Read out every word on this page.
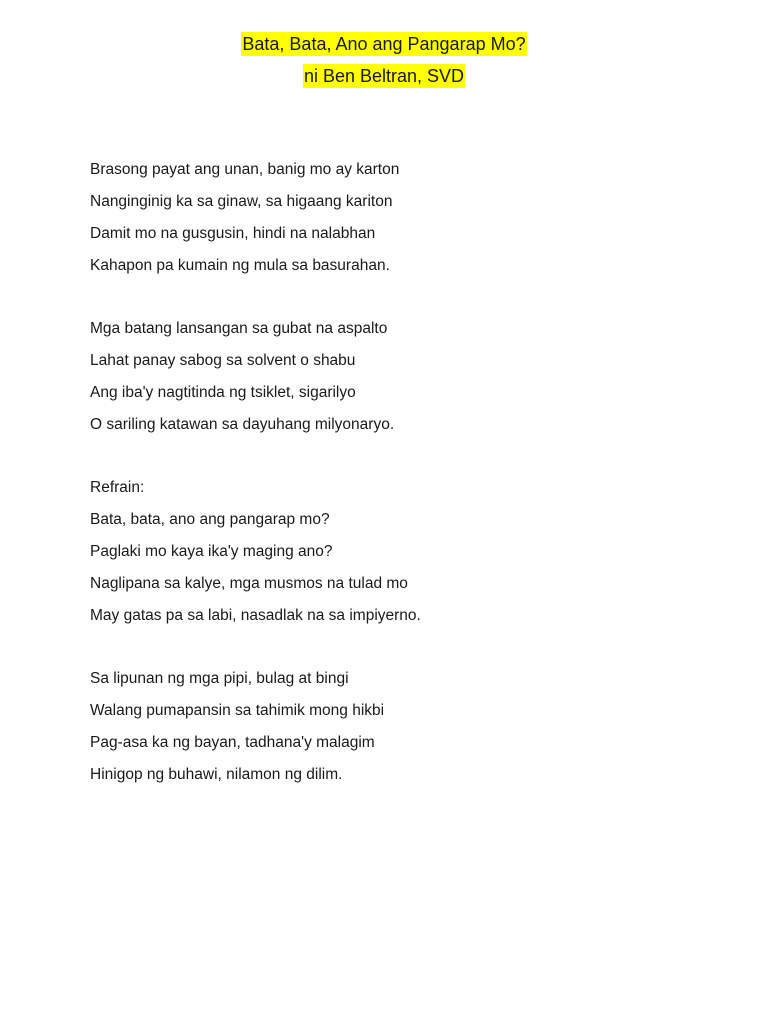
Bata, Bata, Ano ang Pangarap Mo?
ni Ben Beltran, SVD
Brasong payat ang unan, banig mo ay karton
Nanginginig ka sa ginaw, sa higaang kariton
Damit mo na gusgusin, hindi na nalabhan
Kahapon pa kumain ng mula sa basurahan.
Mga batang lansangan sa gubat na aspalto
Lahat panay sabog sa solvent o shabu
Ang iba'y nagtitinda ng tsiklet, sigarilyo
O sariling katawan sa dayuhang milyonaryo.
Refrain:
Bata, bata, ano ang pangarap mo?
Paglaki mo kaya ika'y maging ano?
Naglipana sa kalye, mga musmos na tulad mo
May gatas pa sa labi, nasadlak na sa impiyerno.
Sa lipunan ng mga pipi, bulag at bingi
Walang pumapansin sa tahimik mong hikbi
Pag-asa ka ng bayan, tadhana'y malagim
Hinigop ng buhawi, nilamon ng dilim.
